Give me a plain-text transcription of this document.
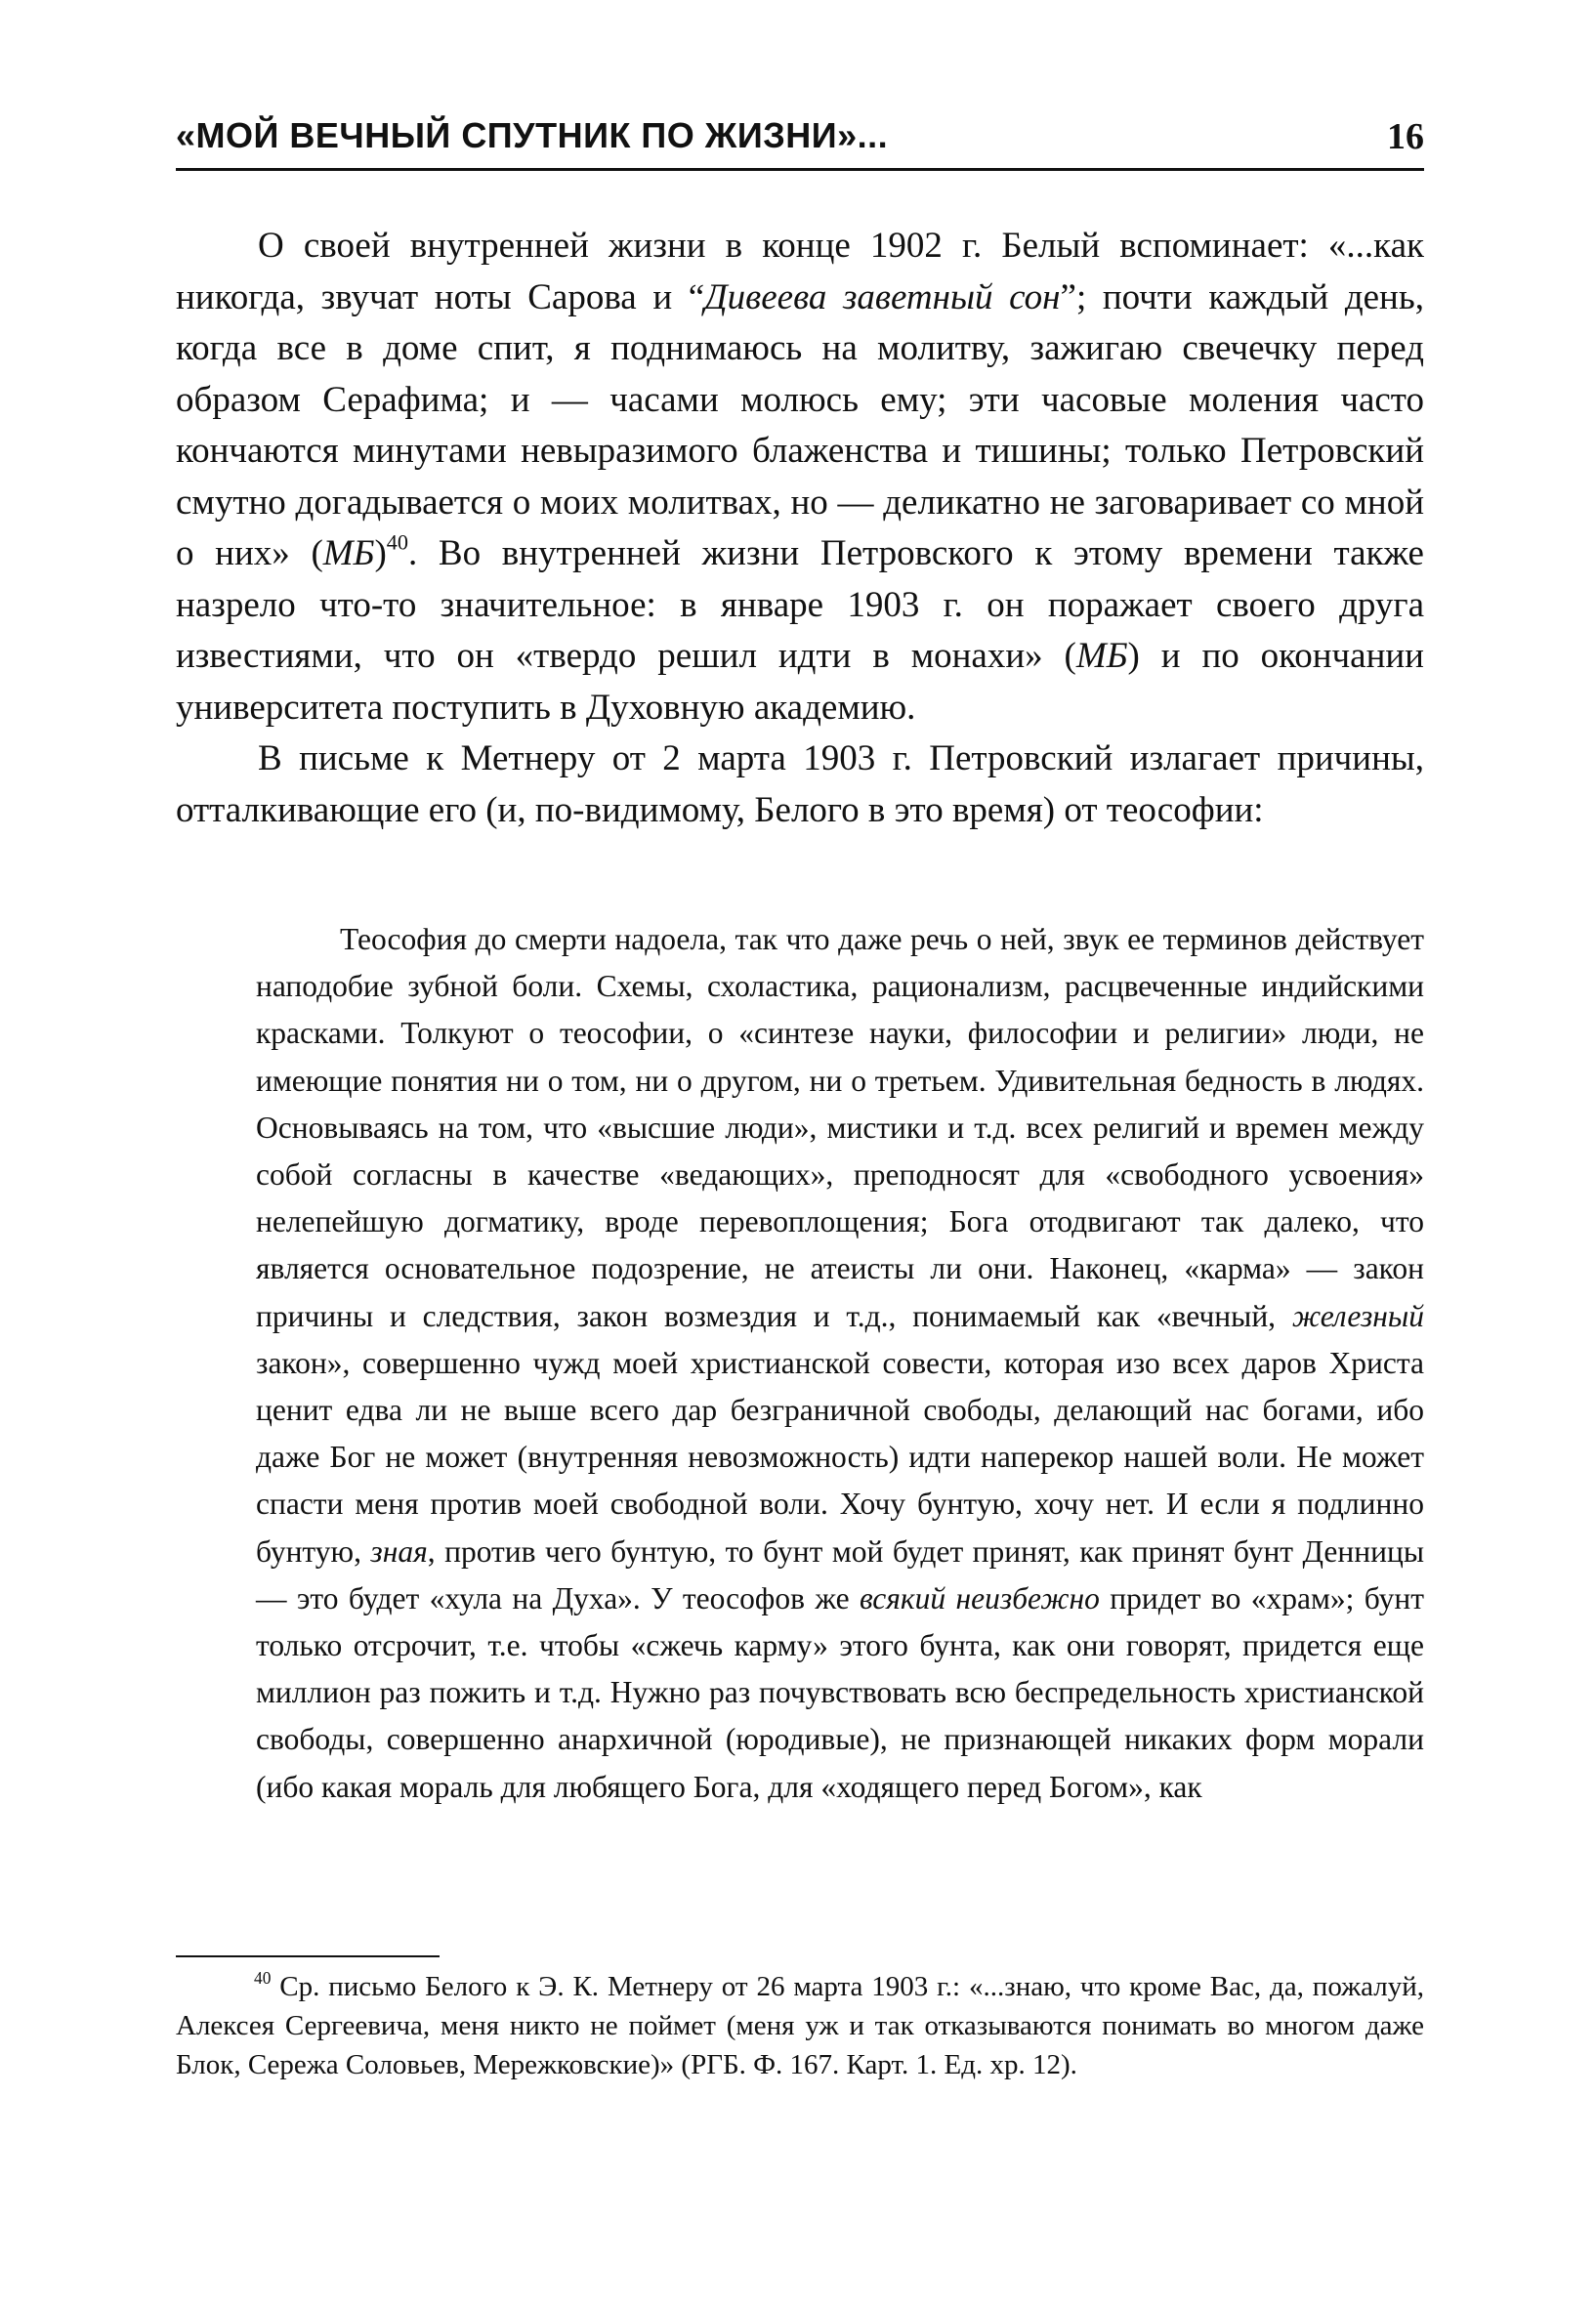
«МОЙ ВЕЧНЫЙ СПУТНИК ПО ЖИЗНИ»...	16

О своей внутренней жизни в конце 1902 г. Белый вспоминает: «...как никогда, звучат ноты Сарова и “Дивеева заветный сон”; почти каждый день, когда все в доме спит, я поднимаюсь на молитву, зажигаю свечечку перед образом Серафима; и — часами молюсь ему; эти часовые моления часто кончаются минутами невыразимого блаженства и тишины; только Петровский смутно догадывается о моих молитвах, но — деликатно не заговаривает со мной о них» (МБ)$^{40}$. Во внутренней жизни Петровского к этому времени также назрело что-то значительное: в январе 1903 г. он поражает своего друга известиями, что он «твердо решил идти в монахи» (МБ) и по окончании университета поступить в Духовную академию.

В письме к Метнеру от 2 марта 1903 г. Петровский излагает причины, отталкивающие его (и, по-видимому, Белого в это время) от теософии:

Теософия до смерти надоела, так что даже речь о ней, звук ее терминов действует наподобие зубной боли. Схемы, схоластика, рационализм, расцвеченные индийскими красками. Толкуют о теософии, о «синтезе науки, философии и религии» люди, не имеющие понятия ни о том, ни о другом, ни о третьем. Удивительная бедность в людях. Основываясь на том, что «высшие люди», мистики и т.д. всех религий и времен между собой согласны в качестве «ведающих», преподносят для «свободного усвоения» нелепейшую догматику, вроде перевоплощения; Бога отодвигают так далеко, что является основательное подозрение, не атеисты ли они. Наконец, «карма» — закон причины и следствия, закон возмездия и т.д., понимаемый как «вечный, железный закон», совершенно чужд моей христианской совести, которая изо всех даров Христа ценит едва ли не выше всего дар безграничной свободы, делающий нас богами, ибо даже Бог не может (внутренняя невозможность) идти наперекор нашей воли. Не может спасти меня против моей свободной воли. Хочу бунтую, хочу нет. И если я подлинно бунтую, зная, против чего бунтую, то бунт мой будет принят, как принят бунт Денницы — это будет «хула на Духа». У теософов же всякий неизбежно придет во «храм»; бунт только отсрочит, т.е. чтобы «сжечь карму» этого бунта, как они говорят, придется еще миллион раз пожить и т.д. Нужно раз почувствовать всю беспредельность христианской свободы, совершенно анархичной (юродивые), не признающей никаких форм морали (ибо какая мораль для любящего Бога, для «ходящего перед Богом», как

$^{40}$ Ср. письмо Белого к Э. К. Метнеру от 26 марта 1903 г.: «...знаю, что кроме Вас, да, пожалуй, Алексея Сергеевича, меня никто не поймет (меня уж и так отказываются понимать во многом даже Блок, Сережа Соловьев, Мережковские)» (РГБ. Ф. 167. Карт. 1. Ед. хр. 12).
